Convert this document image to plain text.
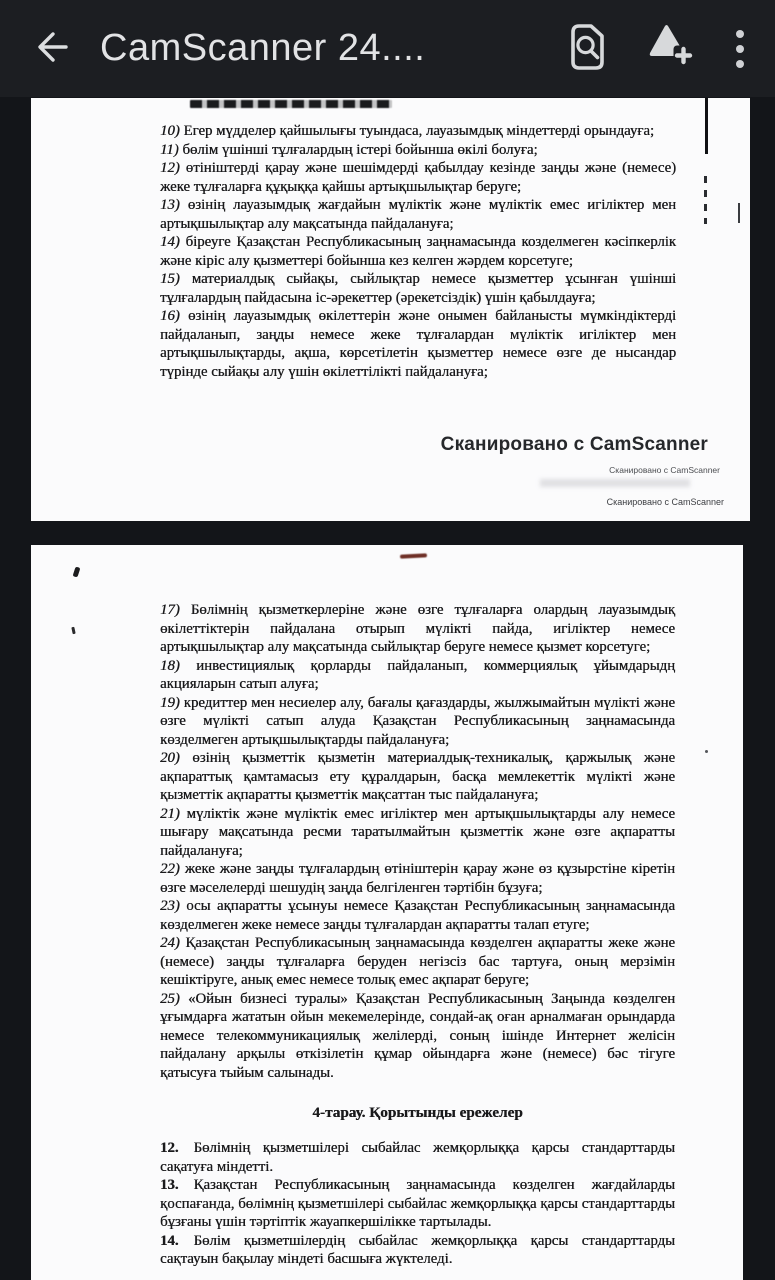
CamScanner 24....

10) Егер мүдделер қайшылығы туындаса, лауазымдық міндеттерді орындауға;

11) бөлім үшінші тұлғалардың істері бойынша өкілі болуға;

12) өтініштерді қарау және шешімдерді қабылдау кезінде заңды және (немесе) жеке тұлғаларға құқыққа қайшы артықшылықтар беруге;

13) өзінің лауазымдық жағдайын мүліктік және мүліктік емес игіліктер мен артықшылықтар алу мақсатында пайдалануға;

14) біреуге Қазақстан Республикасының заңнамасында козделмеген кәсіпкерлік және кіріс алу қызметтері бойынша кез келген жәрдем корсетуге;

15) материалдық сыйақы, сыйлықтар немесе қызметтер ұсынған үшінші тұлғалардың пайдасына іс-әрекеттер (әрекетсіздік) үшін қабылдауға;

16) өзінің лауазымдық өкілеттерін және онымен байланысты мүмкіндіктерді пайдаланып, заңды немесе жеке тұлғалардан мүліктік игіліктер мен артықшылықтарды, ақша, көрсетілетін қызметтер немесе өзге де нысандар түрінде сыйақы алу үшін өкілеттілікті пайдалануға;

Сканировано с CamScanner
Сканировано с CamScanner
Сканировано с CamScanner

17) Бөлімнің қызметкерлеріне және өзге тұлғаларға олардың лауазымдық өкілеттіктерін пайдалана отырып мүлікті пайда, игіліктер немесе артықшылықтар алу мақсатында сыйлықтар беруге немесе қызмет корсетуге;

18) инвестициялық қорларды пайдаланып, коммерциялық ұйымдарыдң акцияларын сатып алуға;

19) кредиттер мен несиелер алу, бағалы қағаздарды, жылжымайтын мүлікті және өзге мүлікті сатып алуда Қазақстан Республикасының заңнамасында көзделмеген артықшылықтарды пайдалануға;

20) өзінің қызметтік қызметін материалдық-техникалық, қаржылық және ақпараттық қамтамасыз ету құралдарын, басқа мемлекеттік мүлікті және қызметтік ақпаратты қызметтік мақсаттан тыс пайдалануға;

21) мүліктік және мүліктік емес игіліктер мен артықшылықтарды алу немесе шығару мақсатында ресми таратылмайтын қызметтік және өзге ақпаратты пайдалануға;

22) жеке және заңды тұлғалардың өтініштерін қарау және өз құзырстіне кіретін өзге мәселелерді шешудің заңда белгіленген тәртібін бұзуға;

23) осы ақпаратты ұсынуы немесе Қазақстан Республикасының заңнамасында көзделмеген жеке немесе заңды тұлғалардан ақпаратты талап етуге;

24) Қазақстан Республикасының заңнамасында көзделген ақпаратты жеке және (немесе) заңды тұлғаларға беруден негізсіз бас тартуға, оның мерзімін кешіктіруге, анық емес немесе толық емес ақпарат беруге;

25) «Ойын бизнесі туралы» Қазақстан Республикасының Заңында көзделген ұғымдарға жататын ойын мекемелерінде, сондай-ақ оған арналмаған орындарда немесе телекоммуникациялық желілерді, соның ішінде Интернет желісін пайдалану арқылы өткізілетін құмар ойындарға және (немесе) бәс тігуге қатысуға тыйым салынады.

4-тарау. Қорытынды ережелер

12. Бөлімнің қызметшілері сыбайлас жемқорлыққа қарсы стандарттарды сақатуға міндетті.

13. Қазақстан Республикасының заңнамасында көзделген жағдайларды қоспағанда, бөлімнің қызметшілері сыбайлас жемқорлыққа қарсы стандарттарды бұзғаны үшін тәртіптік жауапкершілікке тартылады.

14. Бөлім қызметшілердің сыбайлас жемқорлыққа қарсы стандарттарды сақтауын бақылау міндеті басшыға жүктеледі.
